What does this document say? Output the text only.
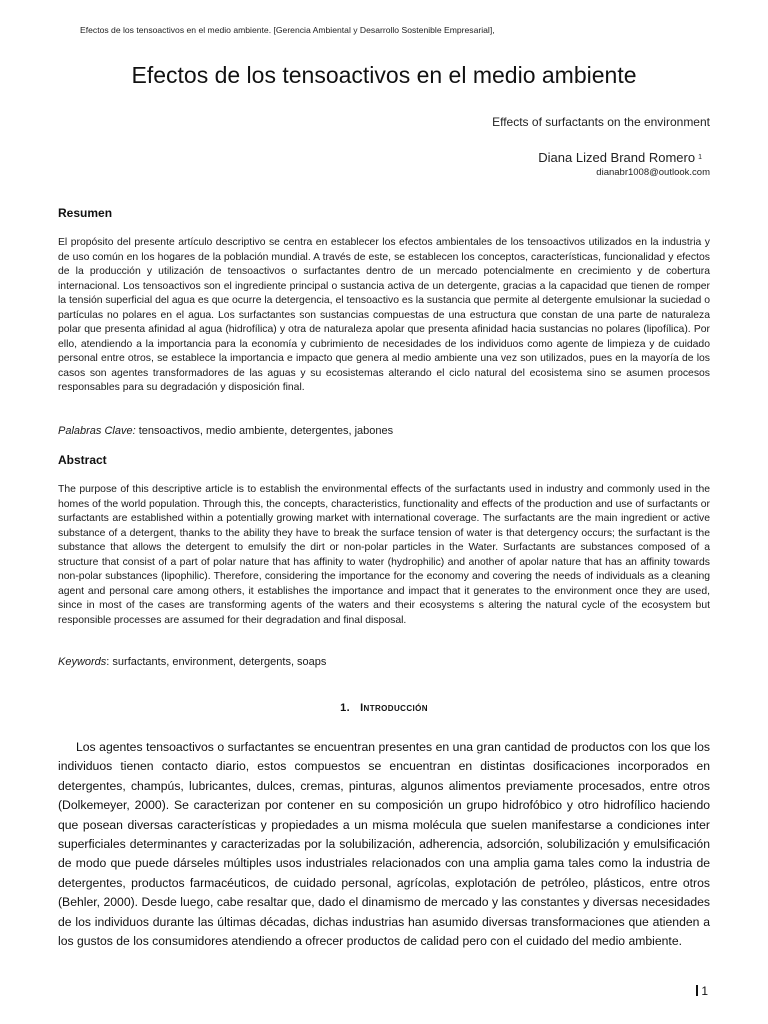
Efectos de los tensoactivos en el medio ambiente. [Gerencia Ambiental y Desarrollo Sostenible Empresarial],
Efectos de los tensoactivos en el medio ambiente
Effects of surfactants on the environment
Diana Lized Brand Romero $^1$
dianabr1008@outlook.com
Resumen

El propósito del presente artículo descriptivo se centra en establecer los efectos ambientales de los tensoactivos utilizados en la industria y de uso común en los hogares de la población mundial. A través de este, se establecen los conceptos, características, funcionalidad y efectos de la producción y utilización de tensoactivos o surfactantes dentro de un mercado potencialmente en crecimiento y de cobertura internacional. Los tensoactivos son el ingrediente principal o sustancia activa de un detergente, gracias a la capacidad que tienen de romper la tensión superficial del agua es que ocurre la detergencia, el tensoactivo es la sustancia que permite al detergente emulsionar la suciedad o partículas no polares en el agua. Los surfactantes son sustancias compuestas de una estructura que constan de una parte de naturaleza polar que presenta afinidad al agua (hidrofílica) y otra de naturaleza apolar que presenta afinidad hacia sustancias no polares (lipofílica). Por ello, atendiendo a la importancia para la economía y cubrimiento de necesidades de los individuos como agente de limpieza y de cuidado personal entre otros, se establece la importancia e impacto que genera al medio ambiente una vez son utilizados, pues en la mayoría de los casos son agentes transformadores de las aguas y su ecosistemas alterando el ciclo natural del ecosistema sino se asumen procesos responsables para su degradación y disposición final.

Palabras Clave: tensoactivos, medio ambiente, detergentes, jabones

Abstract

The purpose of this descriptive article is to establish the environmental effects of the surfactants used in industry and commonly used in the homes of the world population. Through this, the concepts, characteristics, functionality and effects of the production and use of surfactants or surfactants are established within a potentially growing market with international coverage. The surfactants are the main ingredient or active substance of a detergent, thanks to the ability they have to break the surface tension of water is that detergency occurs; the surfactant is the substance that allows the detergent to emulsify the dirt or non-polar particles in the Water. Surfactants are substances composed of a structure that consist of a part of polar nature that has affinity to water (hydrophilic) and another of apolar nature that has an affinity towards non-polar substances (lipophilic). Therefore, considering the importance for the economy and covering the needs of individuals as a cleaning agent and personal care among others, it establishes the importance and impact that it generates to the environment once they are used, since in most of the cases are transforming agents of the waters and their ecosystems s altering the natural cycle of the ecosystem but responsible processes are assumed for their degradation and final disposal.

Keywords: surfactants, environment, detergents, soaps

1. Introducción

Los agentes tensoactivos o surfactantes se encuentran presentes en una gran cantidad de productos con los que los individuos tienen contacto diario, estos compuestos se encuentran en distintas dosificaciones incorporados en detergentes, champús, lubricantes, dulces, cremas, pinturas, algunos alimentos previamente procesados, entre otros (Dolkemeyer, 2000). Se caracterizan por contener en su composición un grupo hidrofóbico y otro hidrofílico haciendo que posean diversas características y propiedades a un misma molécula que suelen manifestarse a condiciones inter superficiales determinantes y caracterizadas por la solubilización, adherencia, adsorción, solubilización y emulsificación de modo que puede dárseles múltiples usos industriales relacionados con una amplia gama tales como la industria de detergentes, productos farmacéuticos, de cuidado personal, agrícolas, explotación de petróleo, plásticos, entre otros (Behler, 2000). Desde luego, cabe resaltar que, dado el dinamismo de mercado y las constantes y diversas necesidades de los individuos durante las últimas décadas, dichas industrias han asumido diversas transformaciones que atienden a los gustos de los consumidores atendiendo a ofrecer productos de calidad pero con el cuidado del medio ambiente.

1
